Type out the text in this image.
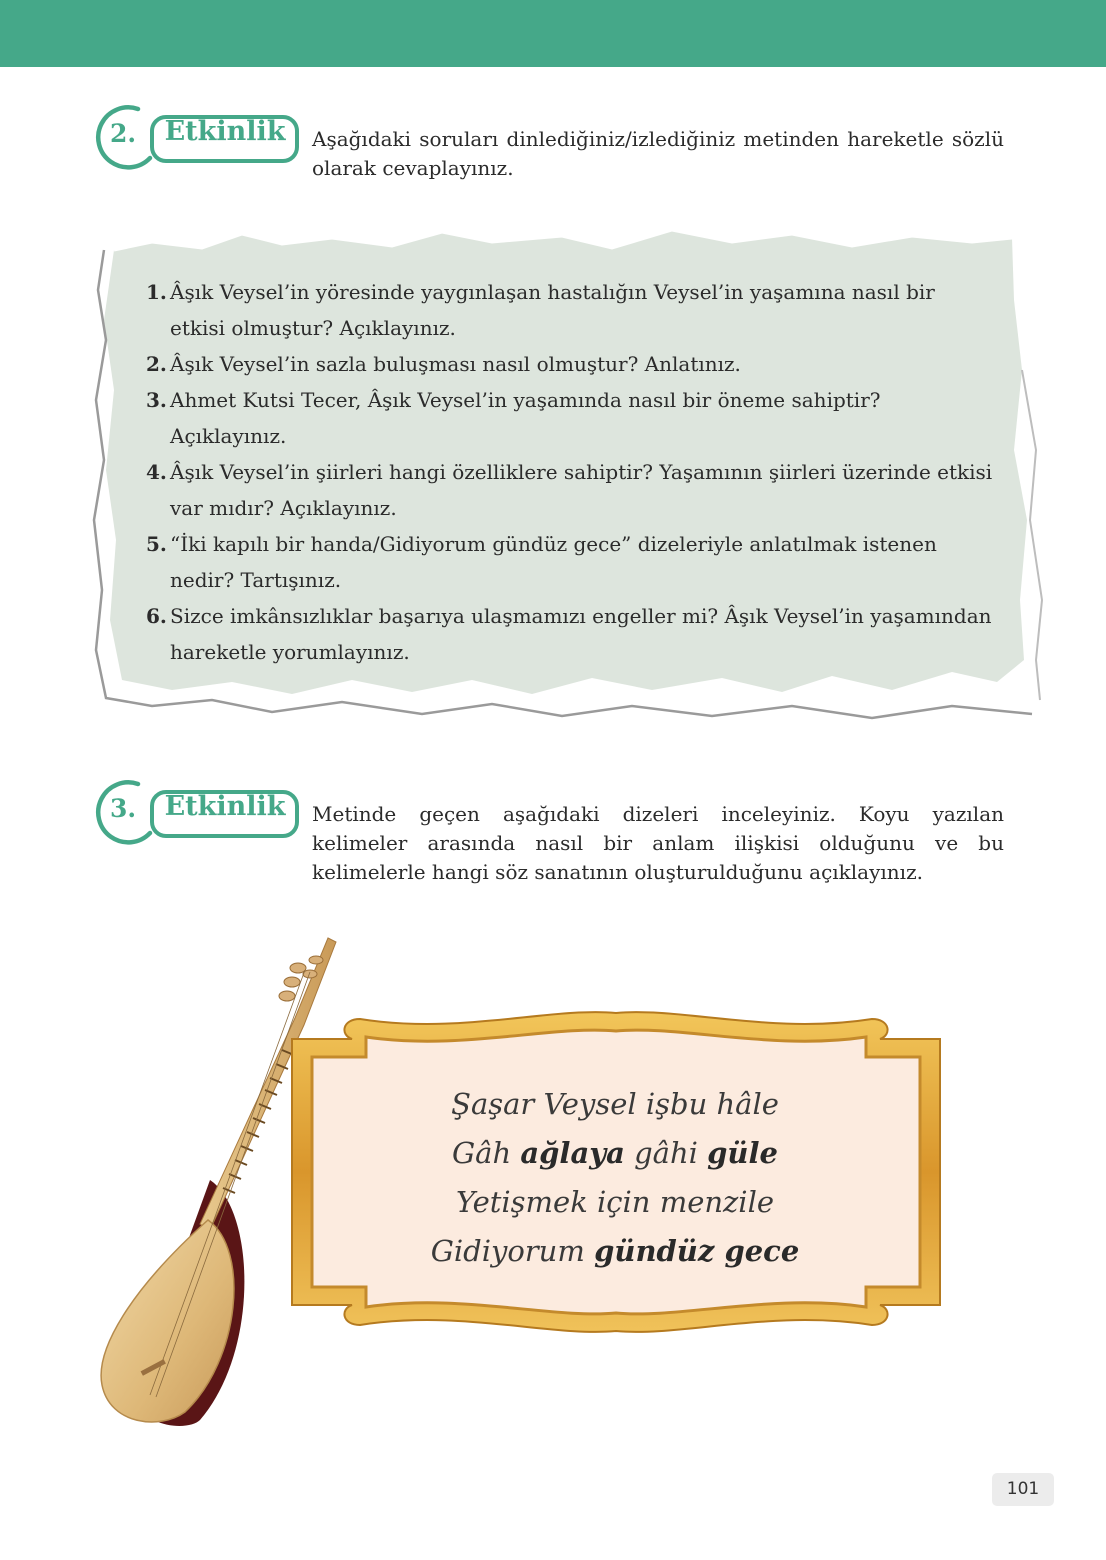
2.	Etkinlik	Aşağıdaki soruları dinlediğiniz/izlediğiniz metinden hareketle sözlü olarak cevaplayınız.
1. Âşık Veysel’in yöresinde yaygınlaşan hastalığın Veysel’in yaşamına nasıl bir etkisi olmuştur? Açıklayınız.
2. Âşık Veysel’in sazla buluşması nasıl olmuştur? Anlatınız.
3. Ahmet Kutsi Tecer, Âşık Veysel’in yaşamında nasıl bir öneme sahiptir? Açıklayınız.
4. Âşık Veysel’in şiirleri hangi özelliklere sahiptir? Yaşamının şiirleri üzerinde etkisi var mıdır? Açıklayınız.
5. “İki kapılı bir handa/Gidiyorum gündüz gece” dizeleriyle anlatılmak istenen nedir? Tartışınız.
6. Sizce imkânsızlıklar başarıya ulaşmamızı engeller mi? Âşık Veysel’in yaşamından hareketle yorumlayınız.
3.	Etkinlik	Metinde geçen aşağıdaki dizeleri inceleyiniz. Koyu yazılan kelimeler arasında nasıl bir anlam ilişkisi olduğunu ve bu kelimelerle hangi söz sanatının oluşturulduğunu açıklayınız.
Şaşar Veysel işbu hâle
Gâh ağlaya gâhi güle
Yetişmek için menzile
Gidiyorum gündüz gece
101
